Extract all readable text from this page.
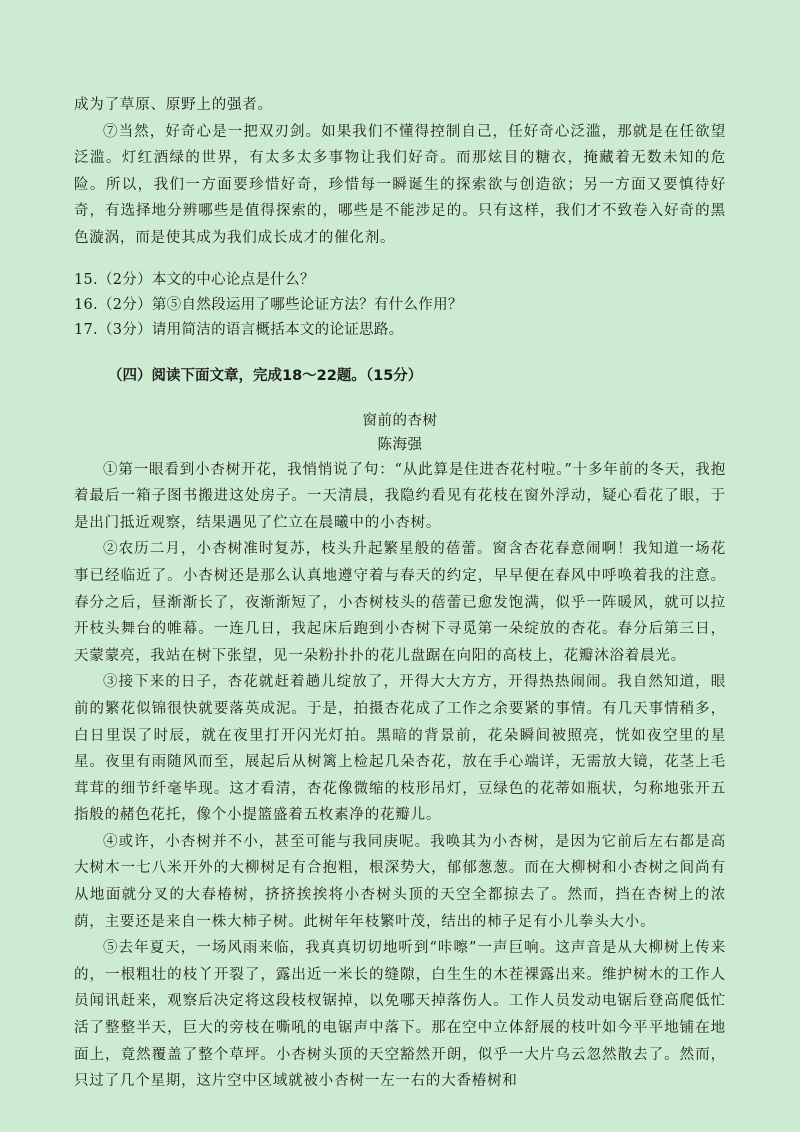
成为了草原、原野上的强者。

⑦当然，好奇心是一把双刃剑。如果我们不懂得控制自己，任好奇心泛滥，那就是在任欲望泛滥。灯红酒绿的世界，有太多太多事物让我们好奇。而那炫目的糖衣，掩藏着无数未知的危险。所以，我们一方面要珍惜好奇，珍惜每一瞬诞生的探索欲与创造欲；另一方面又要慎待好奇，有选择地分辨哪些是值得探索的，哪些是不能涉足的。只有这样，我们才不致卷入好奇的黑色漩涡，而是使其成为我们成长成才的催化剂。

15.（2分）本文的中心论点是什么？

16.（2分）第⑤自然段运用了哪些论证方法？有什么作用？

17.（3分）请用简洁的语言概括本文的论证思路。

（四）阅读下面文章，完成18～22题。（15分）
窗前的杏树
陈海强

①第一眼看到小杏树开花，我悄悄说了句：“从此算是住进杏花村啦。”十多年前的冬天，我抱着最后一箱子图书搬进这处房子。一天清晨，我隐约看见有花枝在窗外浮动，疑心看花了眼，于是出门抵近观察，结果遇见了伫立在晨曦中的小杏树。

②农历二月，小杏树准时复苏，枝头升起繁星般的蓓蕾。窗含杏花春意闹啊！我知道一场花事已经临近了。小杏树还是那么认真地遵守着与春天的约定，早早便在春风中呼唤着我的注意。春分之后，昼渐渐长了，夜渐渐短了，小杏树枝头的蓓蕾已愈发饱满，似乎一阵暖风，就可以拉开枝头舞台的帷幕。一连几日，我起床后跑到小杏树下寻觅第一朵绽放的杏花。春分后第三日，天蒙蒙亮，我站在树下张望，见一朵粉扑扑的花儿盘踞在向阳的高枝上，花瓣沐浴着晨光。

③接下来的日子，杏花就赶着趟儿绽放了，开得大大方方，开得热热闹闹。我自然知道，眼前的繁花似锦很快就要落英成泥。于是，拍摄杏花成了工作之余要紧的事情。有几天事情稍多，白日里误了时辰，就在夜里打开闪光灯拍。黑暗的背景前，花朵瞬间被照亮，恍如夜空里的星星。夜里有雨随风而至，展起后从树篱上检起几朵杏花，放在手心端详，无需放大镜，花茎上毛茸茸的细节纤毫毕现。这才看清，杏花像微缩的枝形吊灯，豆绿色的花蒂如瓶状，匀称地张开五指般的赭色花托，像个小提篮盛着五枚素净的花瓣儿。

④或许，小杏树并不小，甚至可能与我同庚呢。我唤其为小杏树，是因为它前后左右都是高大树木一七八米开外的大柳树足有合抱粗，根深势大，郁郁葱葱。而在大柳树和小杏树之间尚有从地面就分叉的大春椿树，挤挤挨挨将小杏树头顶的天空全都掠去了。然而，挡在杏树上的浓荫，主要还是来自一株大柿子树。此树年年枝繁叶茂，结出的柿子足有小儿拳头大小。

⑤去年夏天，一场风雨来临，我真真切切地听到“咔嚓”一声巨响。这声音是从大柳树上传来的，一根粗壮的枝丫开裂了，露出近一米长的缝隙，白生生的木茬裸露出来。维护树木的工作人员闻讯赶来，观察后决定将这段枝杈锯掉，以免哪天掉落伤人。工作人员发动电锯后登高爬低忙活了整整半天，巨大的旁枝在嘶吼的电锯声中落下。那在空中立体舒展的枝叶如今平平地铺在地面上，竟然覆盖了整个草坪。小杏树头顶的天空豁然开朗，似乎一大片乌云忽然散去了。然而，只过了几个星期，这片空中区域就被小杏树一左一右的大香椿树和
